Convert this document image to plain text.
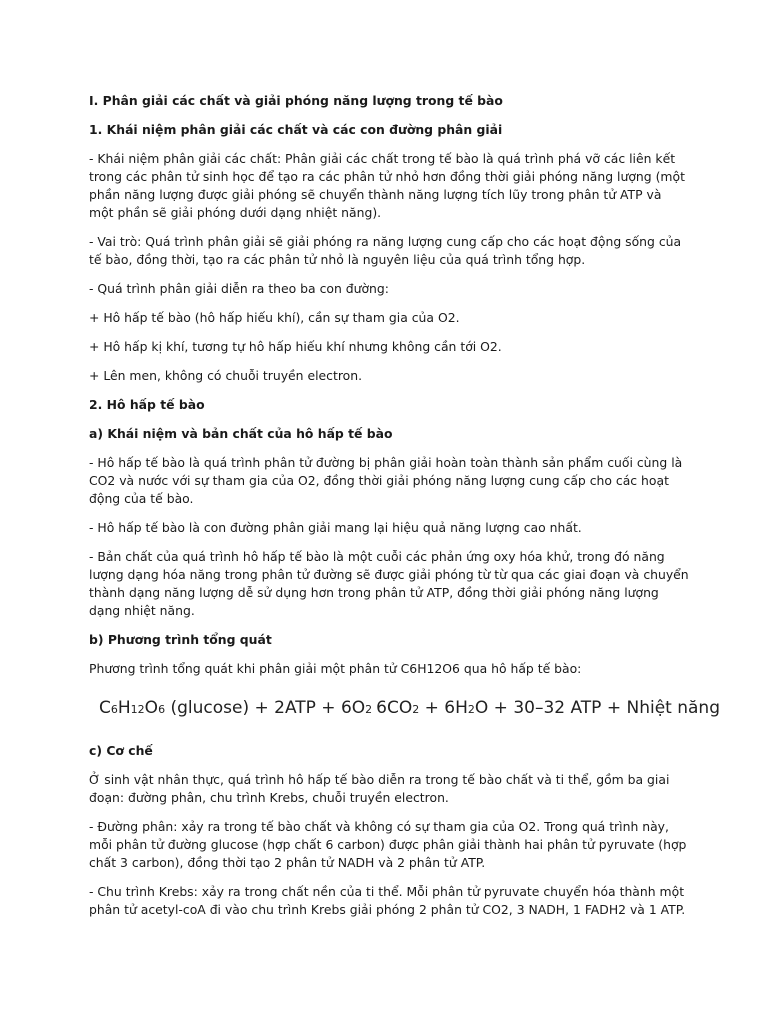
I. Phân giải các chất và giải phóng năng lượng trong tế bào

1. Khái niệm phân giải các chất và các con đường phân giải

- Khái niệm phân giải các chất: Phân giải các chất trong tế bào là quá trình phá vỡ các liên kết trong các phân tử sinh học để tạo ra các phân tử nhỏ hơn đồng thời giải phóng năng lượng (một phần năng lượng được giải phóng sẽ chuyển thành năng lượng tích lũy trong phân tử ATP và một phần sẽ giải phóng dưới dạng nhiệt năng).

- Vai trò: Quá trình phân giải sẽ giải phóng ra năng lượng cung cấp cho các hoạt động sống của tế bào, đồng thời, tạo ra các phân tử nhỏ là nguyên liệu của quá trình tổng hợp.

- Quá trình phân giải diễn ra theo ba con đường:

+ Hô hấp tế bào (hô hấp hiếu khí), cần sự tham gia của O2.

+ Hô hấp kị khí, tương tự hô hấp hiếu khí nhưng không cần tới O2.

+ Lên men, không có chuỗi truyền electron.

2. Hô hấp tế bào

a) Khái niệm và bản chất của hô hấp tế bào

- Hô hấp tế bào là quá trình phân tử đường bị phân giải hoàn toàn thành sản phẩm cuối cùng là CO2 và nước với sự tham gia của O2, đồng thời giải phóng năng lượng cung cấp cho các hoạt động của tế bào.

- Hô hấp tế bào là con đường phân giải mang lại hiệu quả năng lượng cao nhất.

- Bản chất của quá trình hô hấp tế bào là một cuỗi các phản ứng oxy hóa khử, trong đó năng lượng dạng hóa năng trong phân tử đường sẽ được giải phóng từ từ qua các giai đoạn và chuyển thành dạng năng lượng dễ sử dụng hơn trong phân tử ATP, đồng thời giải phóng năng lượng dạng nhiệt năng.

b) Phương trình tổng quát

Phương trình tổng quát khi phân giải một phân tử C6H12O6 qua hô hấp tế bào:

C 6 H 12 O 6 (glucose) + 2ATP + 6O 2 6CO 2 + 6H 2 O + 30–32 ATP + Nhiệt năng

c) Cơ chế

Ở sinh vật nhân thực, quá trình hô hấp tế bào diễn ra trong tế bào chất và ti thể, gồm ba giai đoạn: đường phân, chu trình Krebs, chuỗi truyền electron.

- Đường phân: xảy ra trong tế bào chất và không có sự tham gia của O2. Trong quá trình này, mỗi phân tử đường glucose (hợp chất 6 carbon) được phân giải thành hai phân tử pyruvate (hợp chất 3 carbon), đồng thời tạo 2 phân tử NADH và 2 phân tử ATP.

- Chu trình Krebs: xảy ra trong chất nền của ti thể. Mỗi phân tử pyruvate chuyển hóa thành một phân tử acetyl-coA đi vào chu trình Krebs giải phóng 2 phân tử CO2, 3 NADH, 1 FADH2 và 1 ATP.
